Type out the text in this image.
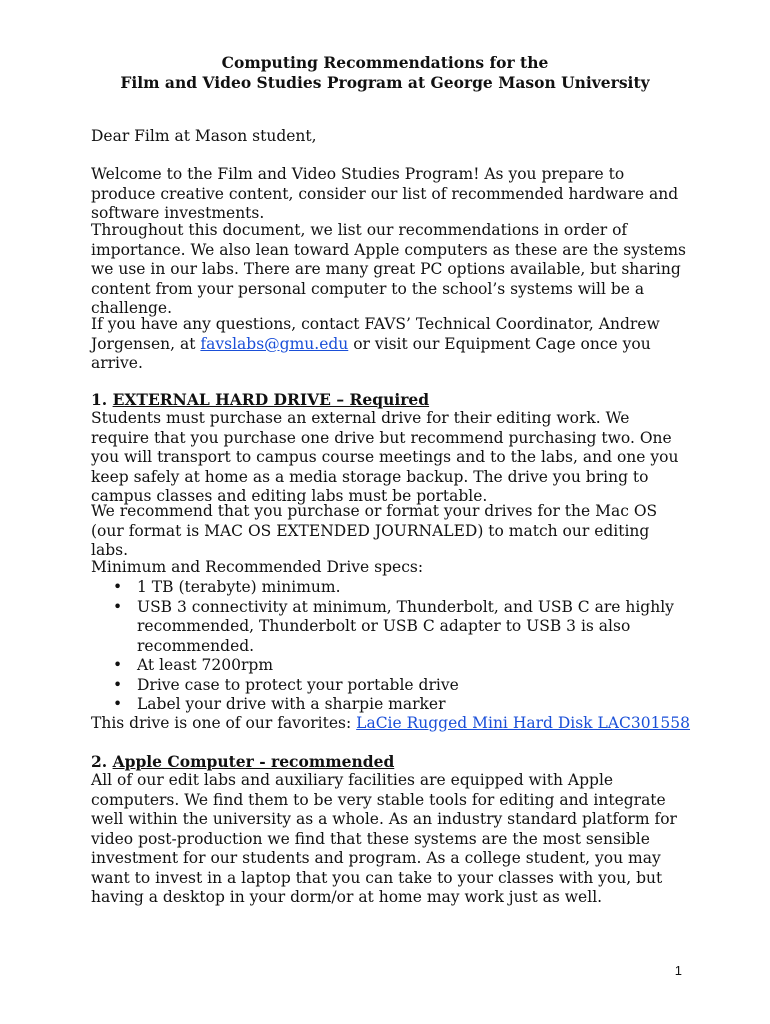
Computing Recommendations for the
Film and Video Studies Program at George Mason University

Dear Film at Mason student,

Welcome to the Film and Video Studies Program! As you prepare to produce creative content, consider our list of recommended hardware and software investments.

Throughout this document, we list our recommendations in order of importance. We also lean toward Apple computers as these are the systems we use in our labs. There are many great PC options available, but sharing content from your personal computer to the school’s systems will be a challenge.

If you have any questions, contact FAVS’ Technical Coordinator, Andrew Jorgensen, at favslabs@gmu.edu or visit our Equipment Cage once you arrive.

1. EXTERNAL HARD DRIVE – Required

Students must purchase an external drive for their editing work. We require that you purchase one drive but recommend purchasing two. One you will transport to campus course meetings and to the labs, and one you keep safely at home as a media storage backup. The drive you bring to campus classes and editing labs must be portable.

We recommend that you purchase or format your drives for the Mac OS (our format is MAC OS EXTENDED JOURNALED) to match our editing labs.

Minimum and Recommended Drive specs:

• 1 TB (terabyte) minimum.
• USB 3 connectivity at minimum, Thunderbolt, and USB C are highly recommended, Thunderbolt or USB C adapter to USB 3 is also recommended.
• At least 7200rpm
• Drive case to protect your portable drive
• Label your drive with a sharpie marker

This drive is one of our favorites: LaCie Rugged Mini Hard Disk LAC301558

2. Apple Computer - recommended

All of our edit labs and auxiliary facilities are equipped with Apple computers. We find them to be very stable tools for editing and integrate well within the university as a whole. As an industry standard platform for video post-production we find that these systems are the most sensible investment for our students and program. As a college student, you may want to invest in a laptop that you can take to your classes with you, but having a desktop in your dorm/or at home may work just as well.

1
